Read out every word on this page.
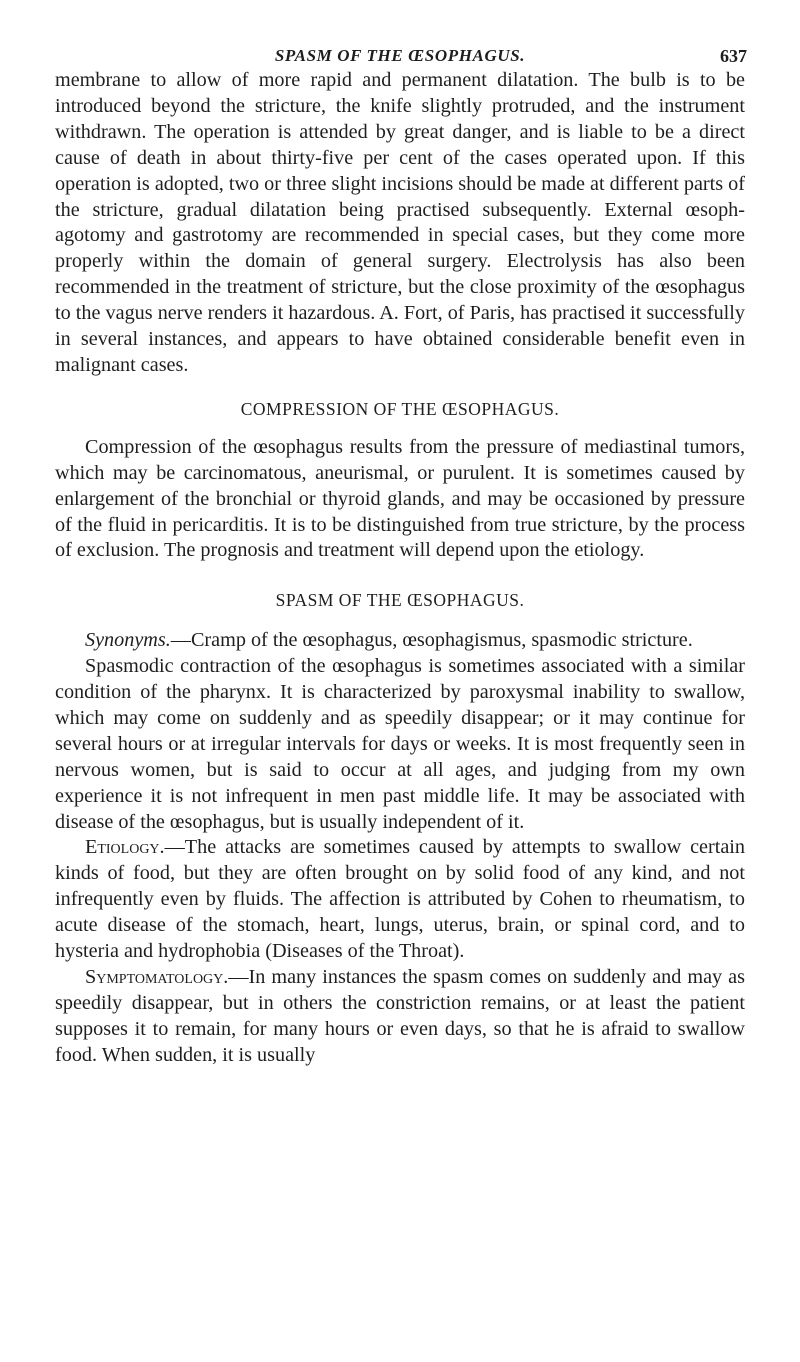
SPASM OF THE ŒSOPHAGUS.	637

membrane to allow of more rapid and permanent dilatation. The bulb is to be introduced beyond the stricture, the knife slightly protruded, and the instrument withdrawn. The operation is attended by great danger, and is liable to be a direct cause of death in about thirty-five per cent of the cases operated upon. If this operation is adopted, two or three slight incisions should be made at different parts of the stricture, gradual dilatation being practised subsequently. External œsophagotomy and gastrotomy are recommended in special cases, but they come more properly within the domain of general surgery. Electrolysis has also been recommended in the treatment of stricture, but the close proximity of the œsophagus to the vagus nerve renders it hazardous. A. Fort, of Paris, has practised it successfully in several instances, and appears to have obtained considerable benefit even in malignant cases.

COMPRESSION OF THE ŒSOPHAGUS.

Compression of the œsophagus results from the pressure of mediastinal tumors, which may be carcinomatous, aneurismal, or purulent. It is sometimes caused by enlargement of the bronchial or thyroid glands, and may be occasioned by pressure of the fluid in pericarditis. It is to be distinguished from true stricture, by the process of exclusion. The prognosis and treatment will depend upon the etiology.

SPASM OF THE ŒSOPHAGUS.

Synonyms.—Cramp of the œsophagus, œsophagismus, spasmodic stricture.

Spasmodic contraction of the œsophagus is sometimes associated with a similar condition of the pharynx. It is characterized by paroxysmal inability to swallow, which may come on suddenly and as speedily disappear; or it may continue for several hours or at irregular intervals for days or weeks. It is most frequently seen in nervous women, but is said to occur at all ages, and judging from my own experience it is not infrequent in men past middle life. It may be associated with disease of the œsophagus, but is usually independent of it.

Etiology.—The attacks are sometimes caused by attempts to swallow certain kinds of food, but they are often brought on by solid food of any kind, and not infrequently even by fluids. The affection is attributed by Cohen to rheumatism, to acute disease of the stomach, heart, lungs, uterus, brain, or spinal cord, and to hysteria and hydrophobia (Diseases of the Throat).

Symptomatology.—In many instances the spasm comes on suddenly and may as speedily disappear, but in others the constriction remains, or at least the patient supposes it to remain, for many hours or even days, so that he is afraid to swallow food. When sudden, it is usually
